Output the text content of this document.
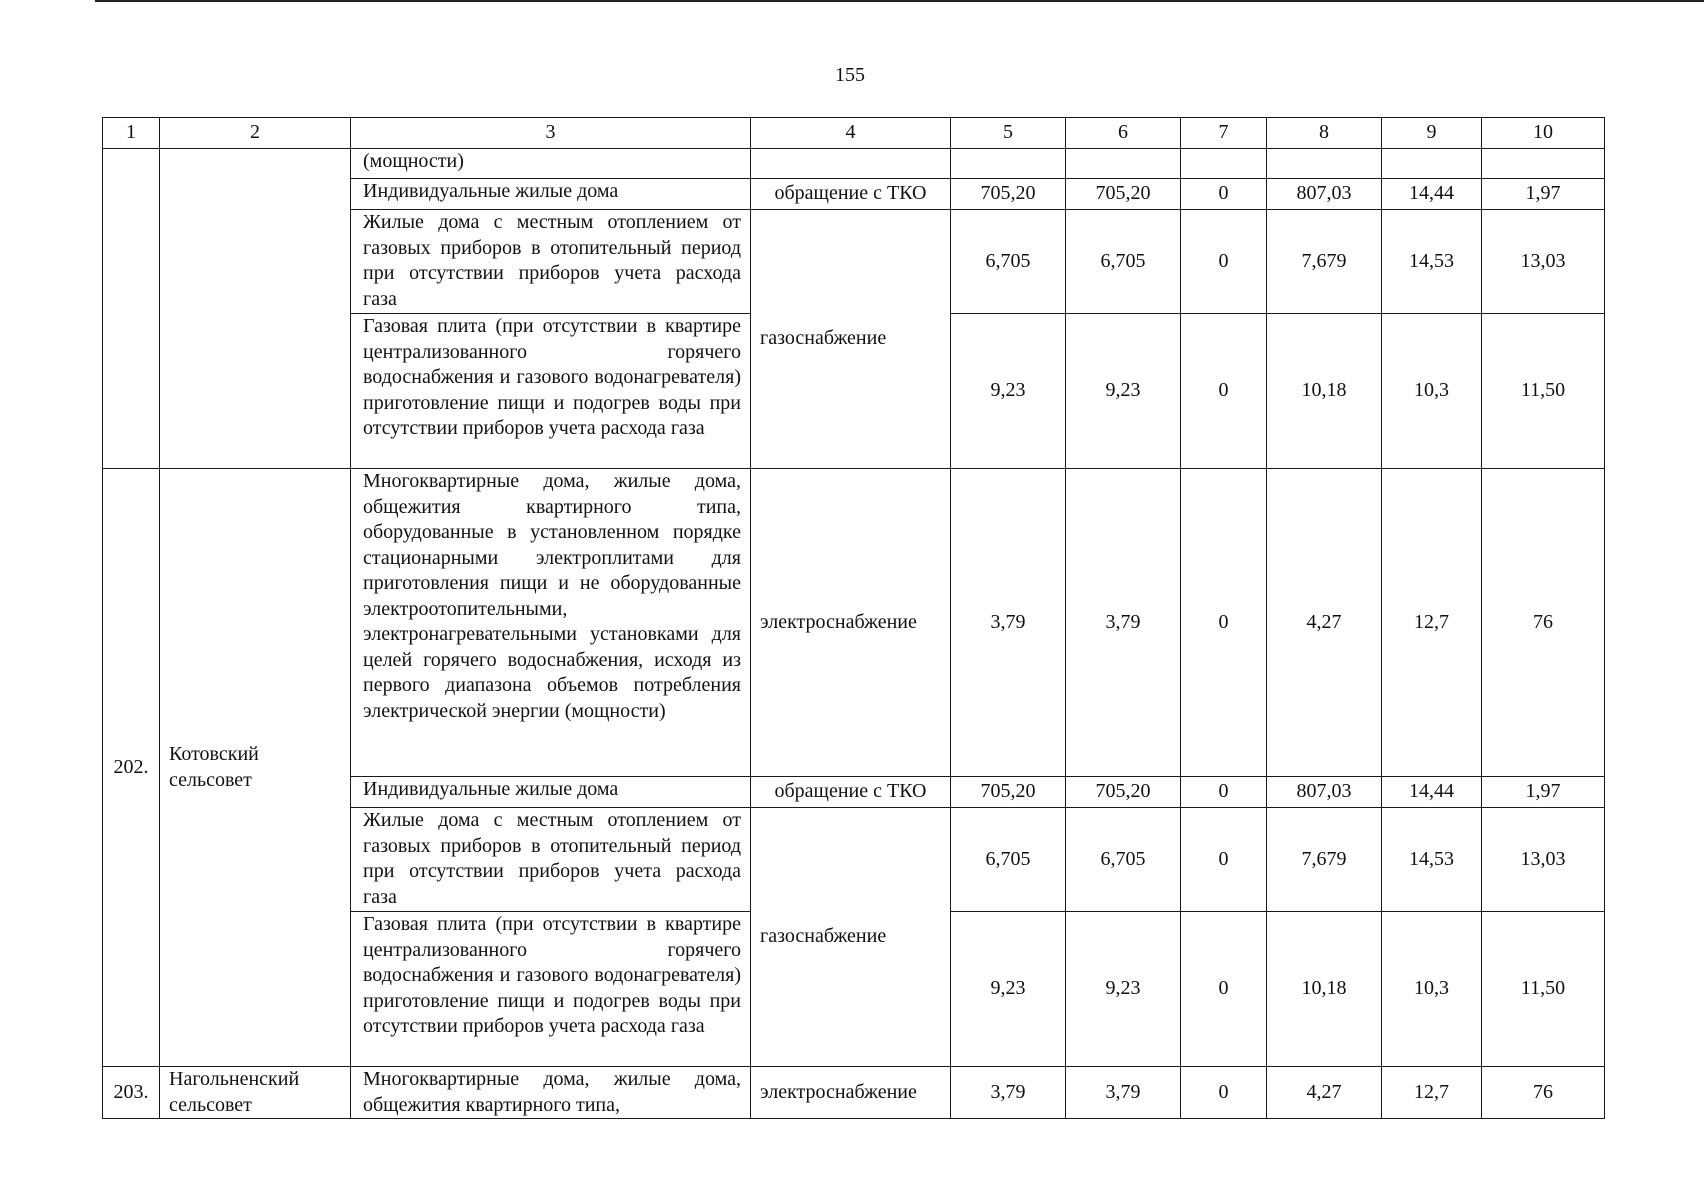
155
1	2	3	4	5	6	7	8	9	10
		(мощности)							
		Индивидуальные жилые дома	обращение с ТКО	705,20	705,20	0	807,03	14,44	1,97
		Жилые дома с местным отоплением от газовых приборов в отопительный период при отсутствии приборов учета расхода газа	газоснабжение	6,705	6,705	0	7,679	14,53	13,03
		Газовая плита (при отсутствии в квартире централизованного горячего водоснабжения и газового водонагревателя) приготовление пищи и подогрев воды при отсутствии приборов учета расхода газа		9,23	9,23	0	10,18	10,3	11,50
202.	Котовский сельсовет	Многоквартирные дома, жилые дома, общежития квартирного типа, оборудованные в установленном порядке стационарными электроплитами для приготовления пищи и не оборудованные электроотопительными, электронагревательными установками для целей горячего водоснабжения, исходя из первого диапазона объемов потребления электрической энергии (мощности)	электроснабжение	3,79	3,79	0	4,27	12,7	76
		Индивидуальные жилые дома	обращение с ТКО	705,20	705,20	0	807,03	14,44	1,97
		Жилые дома с местным отоплением от газовых приборов в отопительный период при отсутствии приборов учета расхода газа	газоснабжение	6,705	6,705	0	7,679	14,53	13,03
		Газовая плита (при отсутствии в квартире централизованного горячего водоснабжения и газового водонагревателя) приготовление пищи и подогрев воды при отсутствии приборов учета расхода газа		9,23	9,23	0	10,18	10,3	11,50
203.	Нагольненский сельсовет	Многоквартирные дома, жилые дома, общежития квартирного типа,	электроснабжение	3,79	3,79	0	4,27	12,7	76
